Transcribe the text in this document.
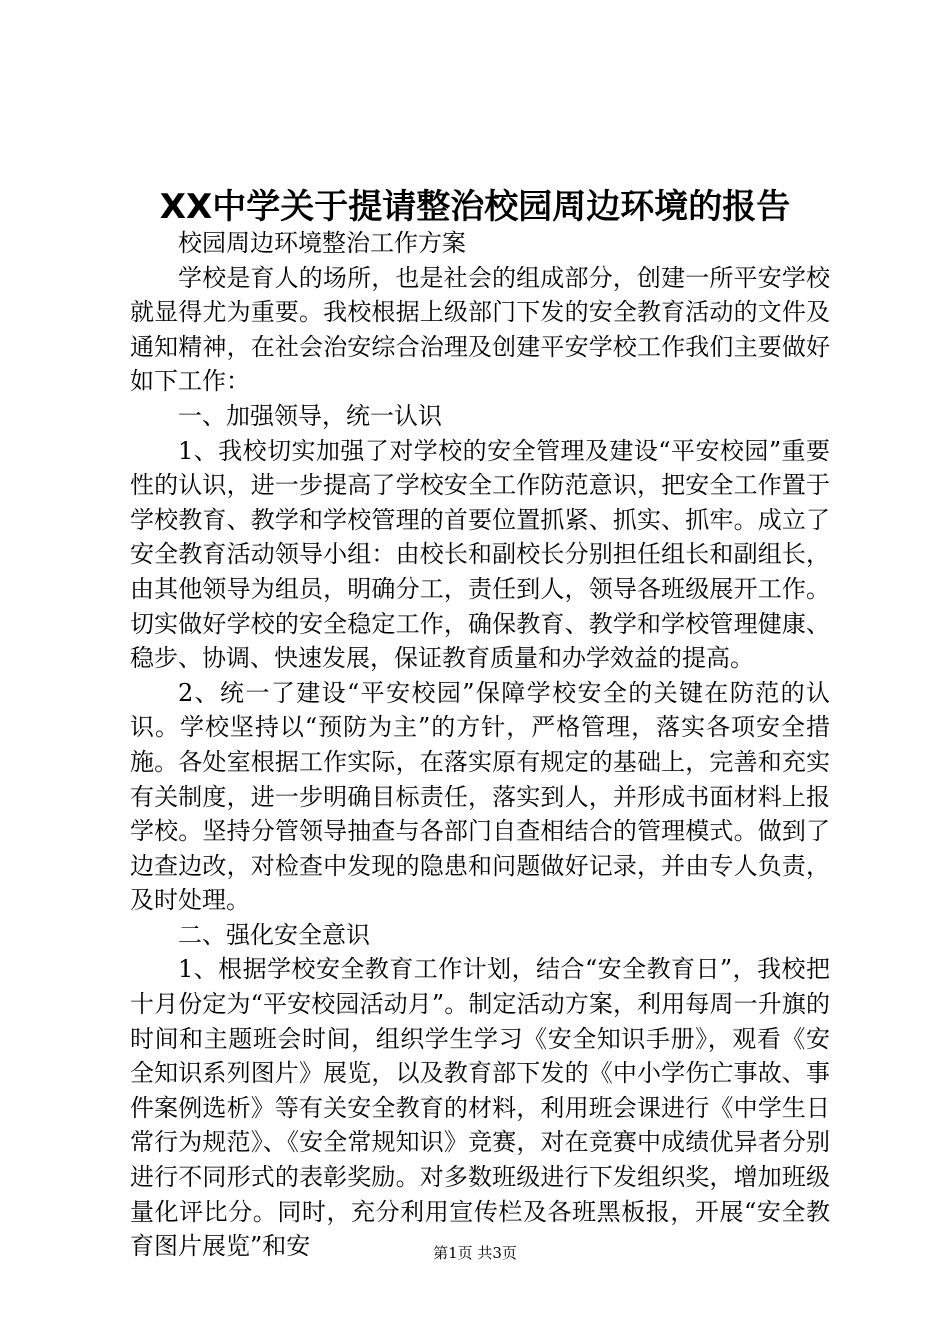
XX中学关于提请整治校园周边环境的报告

校园周边环境整治工作方案

学校是育人的场所，也是社会的组成部分，创建一所平安学校就显得尤为重要。我校根据上级部门下发的安全教育活动的文件及通知精神，在社会治安综合治理及创建平安学校工作我们主要做好如下工作：

一、加强领导，统一认识

1、我校切实加强了对学校的安全管理及建设“平安校园”重要性的认识，进一步提高了学校安全工作防范意识，把安全工作置于学校教育、教学和学校管理的首要位置抓紧、抓实、抓牢。成立了安全教育活动领导小组：由校长和副校长分别担任组长和副组长，由其他领导为组员，明确分工，责任到人，领导各班级展开工作。切实做好学校的安全稳定工作，确保教育、教学和学校管理健康、稳步、协调、快速发展，保证教育质量和办学效益的提高。

2、统一了建设“平安校园”保障学校安全的关键在防范的认识。学校坚持以“预防为主”的方针，严格管理，落实各项安全措施。各处室根据工作实际，在落实原有规定的基础上，完善和充实有关制度，进一步明确目标责任，落实到人，并形成书面材料上报学校。坚持分管领导抽查与各部门自查相结合的管理模式。做到了边查边改，对检查中发现的隐患和问题做好记录，并由专人负责，及时处理。

二、强化安全意识

1、根据学校安全教育工作计划，结合“安全教育日”，我校把十月份定为“平安校园活动月”。制定活动方案，利用每周一升旗的时间和主题班会时间，组织学生学习《安全知识手册》，观看《安全知识系列图片》展览，以及教育部下发的《中小学伤亡事故、事件案例选析》等有关安全教育的材料，利用班会课进行《中学生日常行为规范》、《安全常规知识》竞赛，对在竞赛中成绩优异者分别进行不同形式的表彰奖励。对多数班级进行下发组织奖，增加班级量化评比分。同时，充分利用宣传栏及各班黑板报，开展“安全教育图片展览”和安	第1页 共3页
